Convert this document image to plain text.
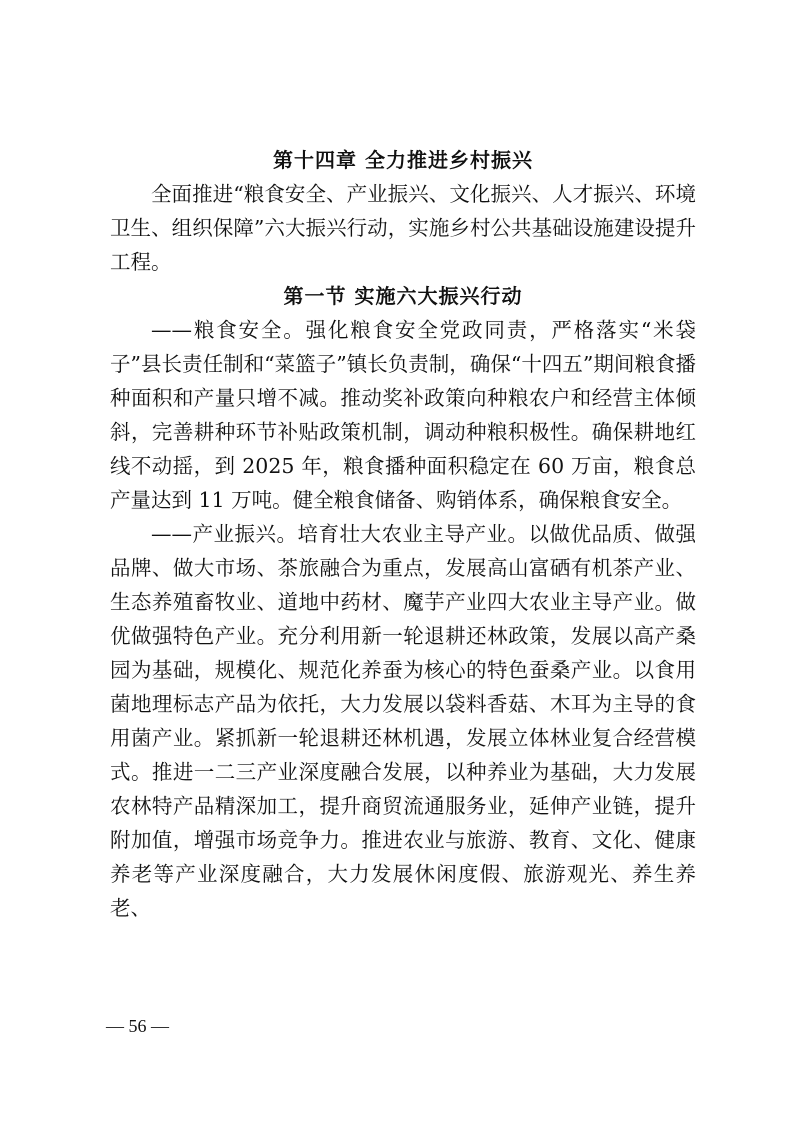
第十四章 全力推进乡村振兴

全面推进“粮食安全、产业振兴、文化振兴、人才振兴、环境卫生、组织保障”六大振兴行动，实施乡村公共基础设施建设提升工程。

第一节 实施六大振兴行动

——粮食安全。强化粮食安全党政同责，严格落实“米袋子”县长责任制和“菜篮子”镇长负责制，确保“十四五”期间粮食播种面积和产量只增不减。推动奖补政策向种粮农户和经营主体倾斜，完善耕种环节补贴政策机制，调动种粮积极性。确保耕地红线不动摇，到 2025 年，粮食播种面积稳定在 60 万亩，粮食总产量达到 11 万吨。健全粮食储备、购销体系，确保粮食安全。

——产业振兴。培育壮大农业主导产业。以做优品质、做强品牌、做大市场、茶旅融合为重点，发展高山富硒有机茶产业、生态养殖畜牧业、道地中药材、魔芋产业四大农业主导产业。做优做强特色产业。充分利用新一轮退耕还林政策，发展以高产桑园为基础，规模化、规范化养蚕为核心的特色蚕桑产业。以食用菌地理标志产品为依托，大力发展以袋料香菇、木耳为主导的食用菌产业。紧抓新一轮退耕还林机遇，发展立体林业复合经营模式。推进一二三产业深度融合发展，以种养业为基础，大力发展农林特产品精深加工，提升商贸流通服务业，延伸产业链，提升附加值，增强市场竞争力。推进农业与旅游、教育、文化、健康养老等产业深度融合，大力发展休闲度假、旅游观光、养生养老、

— 56 —
